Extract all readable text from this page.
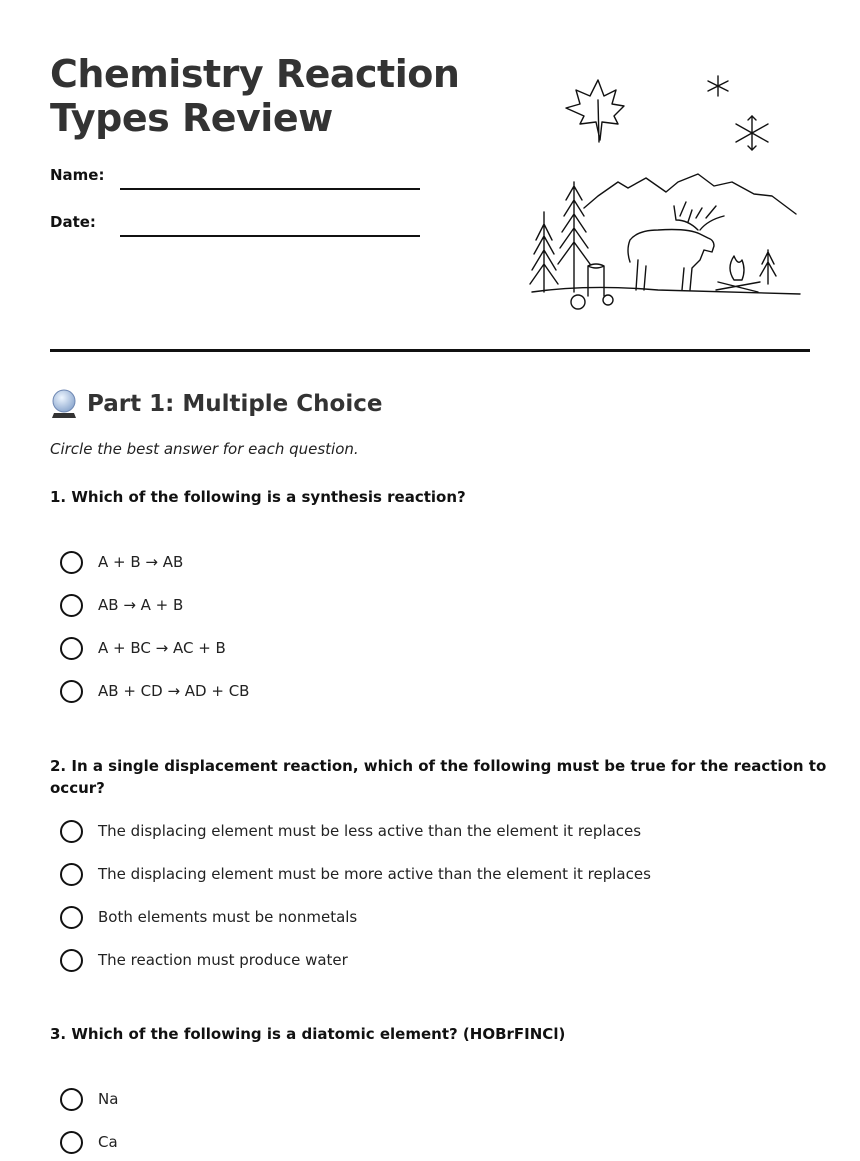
Chemistry Reaction Types Review
Name:
Date:
Part 1: Multiple Choice
Circle the best answer for each question.
1. Which of the following is a synthesis reaction?
A + B → AB
AB → A + B
A + BC → AC + B
AB + CD → AD + CB
2. In a single displacement reaction, which of the following must be true for the reaction to occur?
The displacing element must be less active than the element it replaces
The displacing element must be more active than the element it replaces
Both elements must be nonmetals
The reaction must produce water
3. Which of the following is a diatomic element? (HOBrFINCl)
Na
Ca
